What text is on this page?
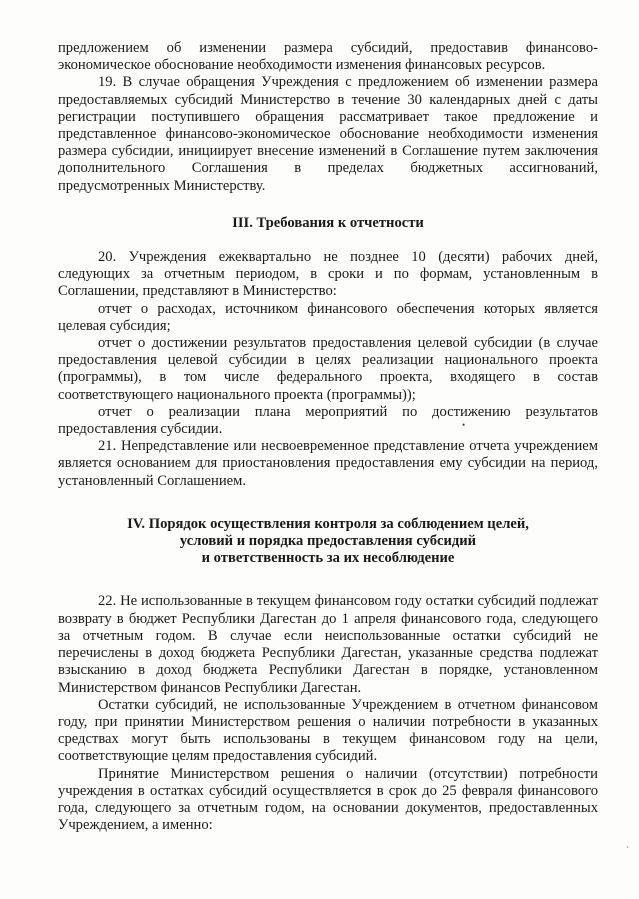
предложением об изменении размера субсидий, предоставив финансово-экономическое обоснование необходимости изменения финансовых ресурсов.

19. В случае обращения Учреждения с предложением об изменении размера предоставляемых субсидий Министерство в течение 30 календарных дней с даты регистрации поступившего обращения рассматривает такое предложение и представленное финансово-экономическое обоснование необходимости изменения размера субсидии, инициирует внесение изменений в Соглашение путем заключения дополнительного Соглашения в пределах бюджетных ассигнований, предусмотренных Министерству.

III. Требования к отчетности

20. Учреждения ежеквартально не позднее 10 (десяти) рабочих дней, следующих за отчетным периодом, в сроки и по формам, установленным в Соглашении, представляют в Министерство:

отчет о расходах, источником финансового обеспечения которых является целевая субсидия;

отчет о достижении результатов предоставления целевой субсидии (в случае предоставления целевой субсидии в целях реализации национального проекта (программы), в том числе федерального проекта, входящего в состав соответствующего национального проекта (программы));

отчет о реализации плана мероприятий по достижению результатов предоставления субсидии.

21. Непредставление или несвоевременное представление отчета учреждением является основанием для приостановления предоставления ему субсидии на период, установленный Соглашением.

IV. Порядок осуществления контроля за соблюдением целей,
условий и порядка предоставления субсидий
и ответственность за их несоблюдение

22. Не использованные в текущем финансовом году остатки субсидий подлежат возврату в бюджет Республики Дагестан до 1 апреля финансового года, следующего за отчетным годом. В случае если неиспользованные остатки субсидий не перечислены в доход бюджета Республики Дагестан, указанные средства подлежат взысканию в доход бюджета Республики Дагестан в порядке, установленном Министерством финансов Республики Дагестан.

Остатки субсидий, не использованные Учреждением в отчетном финансовом году, при принятии Министерством решения о наличии потребности в указанных средствах могут быть использованы в текущем финансовом году на цели, соответствующие целям предоставления субсидий.

Принятие Министерством решения о наличии (отсутствии) потребности учреждения в остатках субсидий осуществляется в срок до 25 февраля финансового года, следующего за отчетным годом, на основании документов, предоставленных Учреждением, а именно:

•
ˎ
